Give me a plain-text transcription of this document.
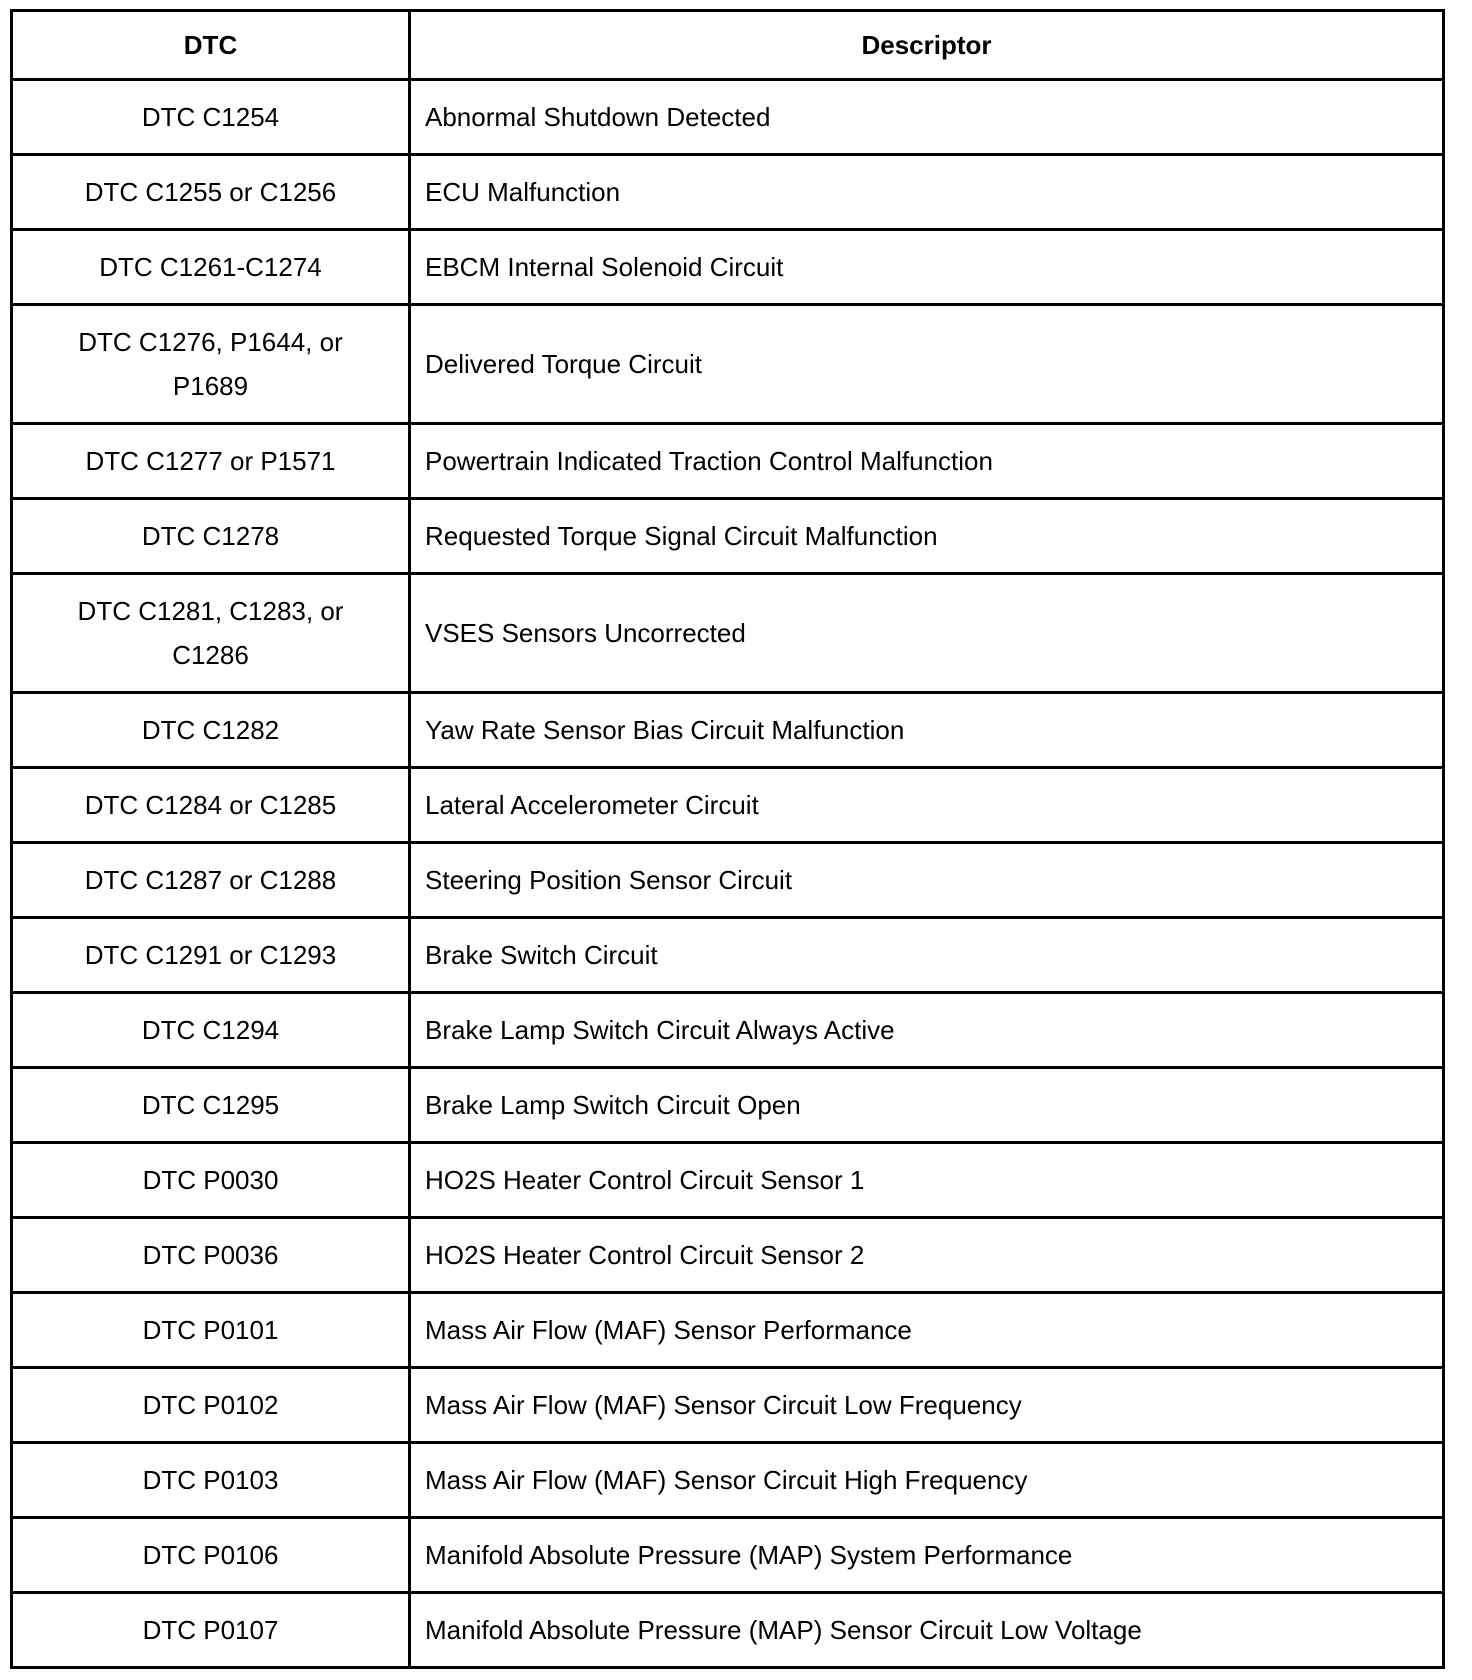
DTC	Descriptor
DTC C1254	Abnormal Shutdown Detected
DTC C1255 or C1256	ECU Malfunction
DTC C1261-C1274	EBCM Internal Solenoid Circuit
DTC C1276, P1644, or P1689	Delivered Torque Circuit
DTC C1277 or P1571	Powertrain Indicated Traction Control Malfunction
DTC C1278	Requested Torque Signal Circuit Malfunction
DTC C1281, C1283, or C1286	VSES Sensors Uncorrected
DTC C1282	Yaw Rate Sensor Bias Circuit Malfunction
DTC C1284 or C1285	Lateral Accelerometer Circuit
DTC C1287 or C1288	Steering Position Sensor Circuit
DTC C1291 or C1293	Brake Switch Circuit
DTC C1294	Brake Lamp Switch Circuit Always Active
DTC C1295	Brake Lamp Switch Circuit Open
DTC P0030	HO2S Heater Control Circuit Sensor 1
DTC P0036	HO2S Heater Control Circuit Sensor 2
DTC P0101	Mass Air Flow (MAF) Sensor Performance
DTC P0102	Mass Air Flow (MAF) Sensor Circuit Low Frequency
DTC P0103	Mass Air Flow (MAF) Sensor Circuit High Frequency
DTC P0106	Manifold Absolute Pressure (MAP) System Performance
DTC P0107	Manifold Absolute Pressure (MAP) Sensor Circuit Low Voltage
